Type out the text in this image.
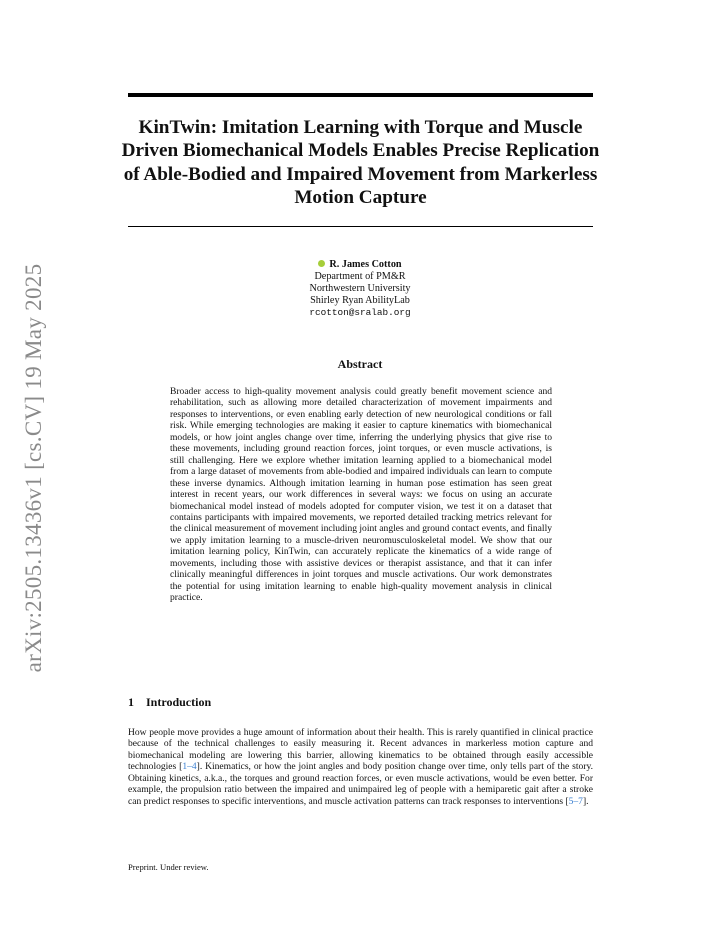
arXiv:2505.13436v1 [cs.CV] 19 May 2025
KinTwin: Imitation Learning with Torque and Muscle Driven Biomechanical Models Enables Precise Replication of Able-Bodied and Impaired Movement from Markerless Motion Capture
R. James Cotton
Department of PM&R
Northwestern University
Shirley Ryan AbilityLab
rcotton@sralab.org
Abstract
Broader access to high-quality movement analysis could greatly benefit movement science and rehabilitation, such as allowing more detailed characterization of movement impairments and responses to interventions, or even enabling early detection of new neurological conditions or fall risk. While emerging technologies are making it easier to capture kinematics with biomechanical models, or how joint angles change over time, inferring the underlying physics that give rise to these movements, including ground reaction forces, joint torques, or even muscle activations, is still challenging. Here we explore whether imitation learning applied to a biomechanical model from a large dataset of movements from able-bodied and impaired individuals can learn to compute these inverse dynamics. Although imitation learning in human pose estimation has seen great interest in recent years, our work differences in several ways: we focus on using an accurate biomechanical model instead of models adopted for computer vision, we test it on a dataset that contains participants with impaired movements, we reported detailed tracking metrics relevant for the clinical measurement of movement including joint angles and ground contact events, and finally we apply imitation learning to a muscle-driven neuromusculoskeletal model. We show that our imitation learning policy, KinTwin, can accurately replicate the kinematics of a wide range of movements, including those with assistive devices or therapist assistance, and that it can infer clinically meaningful differences in joint torques and muscle activations. Our work demonstrates the potential for using imitation learning to enable high-quality movement analysis in clinical practice.
1 Introduction
How people move provides a huge amount of information about their health. This is rarely quantified in clinical practice because of the technical challenges to easily measuring it. Recent advances in markerless motion capture and biomechanical modeling are lowering this barrier, allowing kinematics to be obtained through easily accessible technologies [1–4]. Kinematics, or how the joint angles and body position change over time, only tells part of the story. Obtaining kinetics, a.k.a., the torques and ground reaction forces, or even muscle activations, would be even better. For example, the propulsion ratio between the impaired and unimpaired leg of people with a hemiparetic gait after a stroke can predict responses to specific interventions, and muscle activation patterns can track responses to interventions [5–7].
Preprint. Under review.
